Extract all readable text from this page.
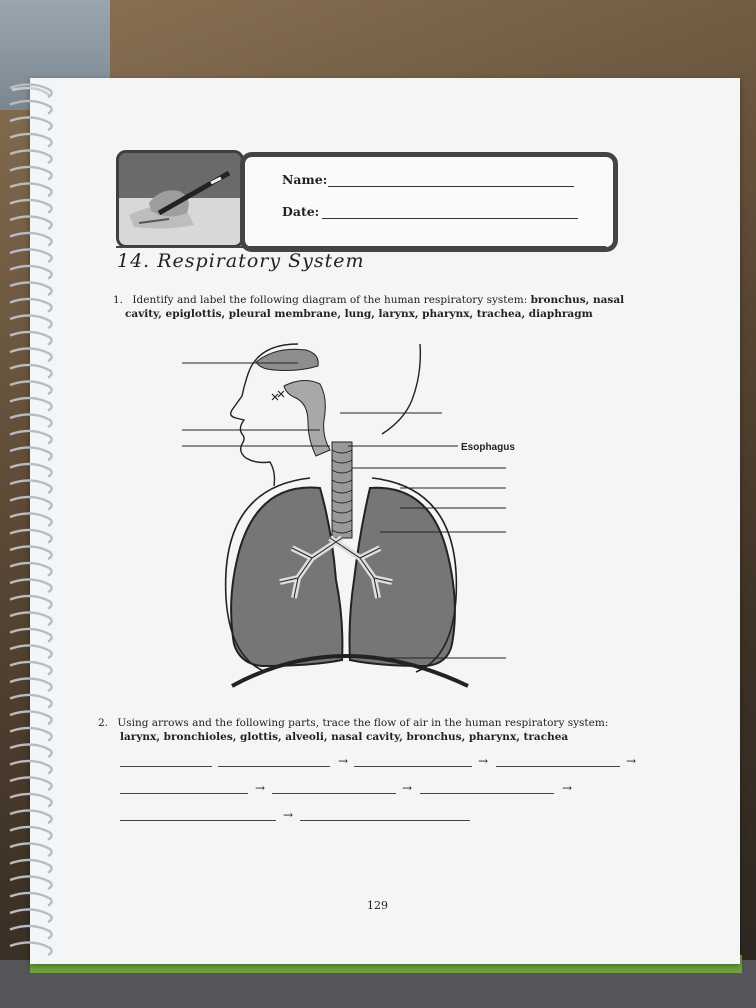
Name:
Date:
14. Respiratory System
1. Identify and label the following diagram of the human respiratory system: bronchus, nasal
cavity, epiglottis, pleural membrane, lung, larynx, pharynx, trachea, diaphragm
Esophagus
2. Using arrows and the following parts, trace the flow of air in the human respiratory system:
larynx, bronchioles, glottis, alveoli, nasal cavity, bronchus, pharynx, trachea
→	→	→
→	→	→
→
129
